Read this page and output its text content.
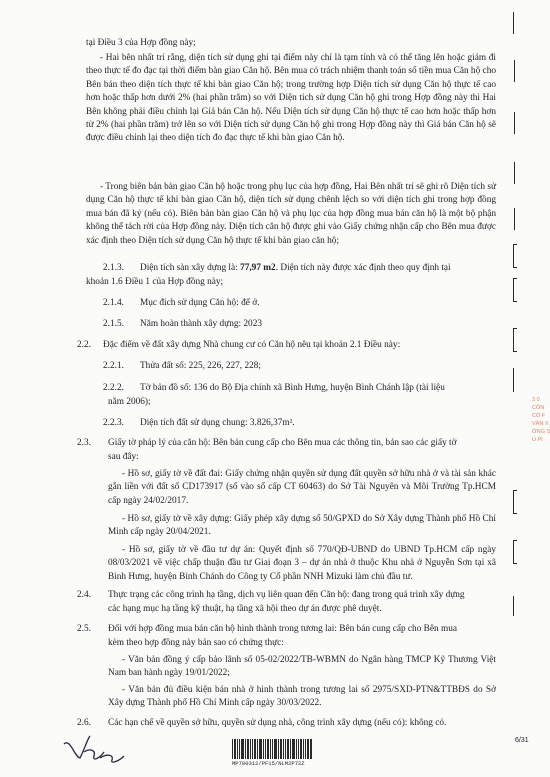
3 0
CÔN
CỔ F
VĂN X
ỞNG S
Ú PI
tại Điều 3 của Hợp đồng này;
- Hai bên nhất trí rằng, diện tích sử dụng ghi tại điểm này chỉ là tạm tính và có thể tăng lên hoặc giảm đi theo thực tế đo đạc tại thời điểm bàn giao Căn hộ. Bên mua có trách nhiệm thanh toán số tiền mua Căn hộ cho Bên bán theo diện tích thực tế khi bàn giao Căn hộ; trong trường hợp Diện tích sử dụng Căn hộ thực tế cao hơn hoặc thấp hơn dưới 2% (hai phần trăm) so với Diện tích sử dụng Căn hộ ghi trong Hợp đồng này thì Hai Bên không phải điều chỉnh lại Giá bán Căn hộ. Nếu Diện tích sử dụng Căn hộ thực tế cao hơn hoặc thấp hơn từ 2% (hai phần trăm) trở lên so với Diện tích sử dụng Căn hộ ghi trong Hợp đồng này thì Giá bán Căn hộ sẽ được điều chỉnh lại theo diện tích đo đạc thực tế khi bàn giao Căn hộ.
- Trong biên bản bàn giao Căn hộ hoặc trong phụ lục của hợp đồng, Hai Bên nhất trí sẽ ghi rõ Diện tích sử dụng Căn hộ thực tế khi bàn giao Căn hộ, diện tích sử dụng chênh lệch so với diện tích ghi trong hợp đồng mua bán đã ký (nếu có). Biên bản bàn giao Căn hộ và phụ lục của hợp đồng mua bán căn hộ là một bộ phận không thể tách rời của Hợp đồng này. Diện tích căn hộ được ghi vào Giấy chứng nhận cấp cho Bên mua được xác định theo Diện tích sử dụng Căn hộ thực tế khi bàn giao căn hộ;
2.1.3. Diện tích sàn xây dựng là: 77,97 m2. Diện tích này được xác định theo quy định tại
khoản 1.6 Điều 1 của Hợp đồng này;
2.1.4. Mục đích sử dụng Căn hộ: để ở.
2.1.5. Năm hoàn thành xây dựng: 2023
2.2. Đặc điểm về đất xây dựng Nhà chung cư có Căn hộ nêu tại khoản 2.1 Điều này:
2.2.1. Thửa đất số: 225, 226, 227, 228;
2.2.2. Tờ bản đồ số: 136 do Bộ Địa chính xã Bình Hưng, huyện Bình Chánh lập (tài liệu
năm 2006);
2.2.3. Diện tích đất sử dụng chung: 3.826,37m².
2.3. Giấy tờ pháp lý của căn hộ: Bên bán cung cấp cho Bên mua các thông tin, bản sao các giấy tờ
sau đây:
- Hồ sơ, giấy tờ về đất đai: Giấy chứng nhận quyền sử dụng đất quyền sở hữu nhà ở và tài sản khác gắn liền với đất số CD173917 (số vào sổ cấp CT 60463) do Sở Tài Nguyên và Môi Trường Tp.HCM cấp ngày 24/02/2017.
- Hồ sơ, giấy tờ về xây dựng: Giấy phép xây dựng số 50/GPXD do Sở Xây dựng Thành phố Hồ Chí Minh cấp ngày 20/04/2021.
- Hồ sơ, giấy tờ về đầu tư dự án: Quyết định số 770/QĐ-UBND do UBND Tp.HCM cấp ngày 08/03/2021 về việc chấp thuận đầu tư Giai đoạn 3 – dự án nhà ở thuộc Khu nhà ở Nguyễn Sơn tại xã Bình Hưng, huyện Bình Chánh do Công ty Cổ phần NNH Mizuki làm chủ đầu tư.
2.4. Thực trạng các công trình hạ tầng, dịch vụ liên quan đến Căn hộ: đang trong quá trình xây dựng
các hạng mục hạ tầng kỹ thuật, hạ tầng xã hội theo dự án được phê duyệt.
2.5. Đối với hợp đồng mua bán căn hộ hình thành trong tương lai: Bên bán cung cấp cho Bên mua
kèm theo hợp đồng này bản sao có chứng thực:
- Văn bản đồng ý cấp bảo lãnh số 05-02/2022/TB-WBMN do Ngân hàng TMCP Kỹ Thương Việt Nam ban hành ngày 19/01/2022;
- Văn bản đủ điều kiện bán nhà ở hình thành trong tương lai số 2975/SXD-PTN&TTBĐS do Sở Xây dựng Thành phố Hồ Chí Minh cấp ngày 30/03/2022.
2.6. Các hạn chế về quyền sở hữu, quyền sử dụng nhà, công trình xây dựng (nếu có): không có.
MP700312/PF15/NLM2P72Z
6/31
